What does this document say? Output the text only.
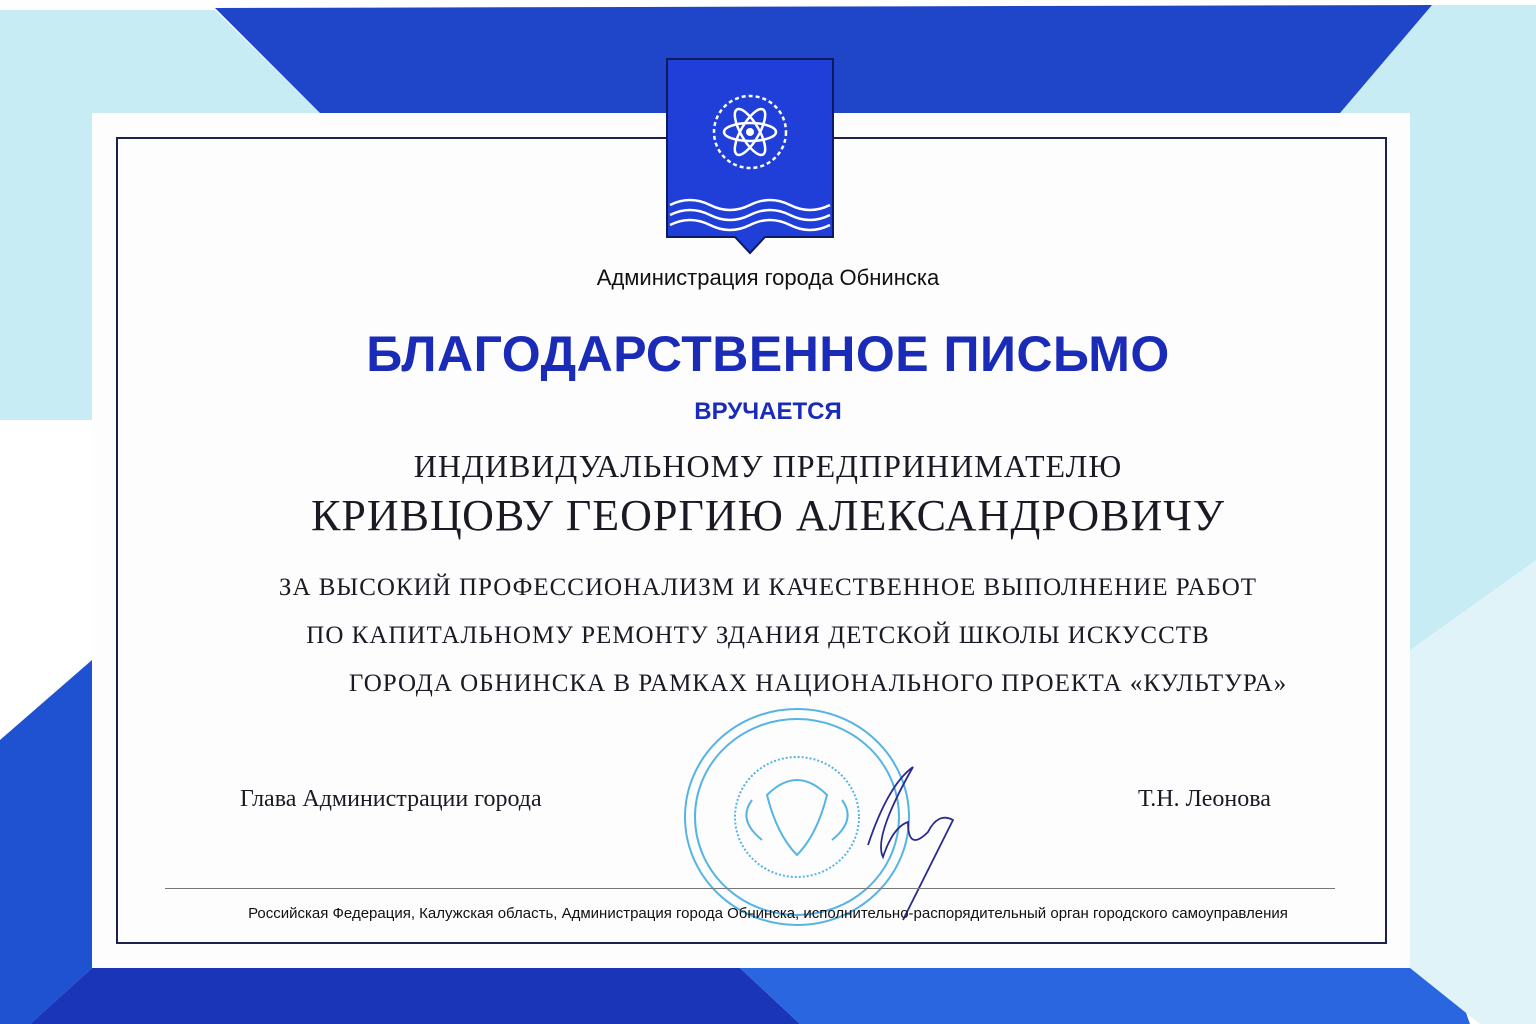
Администрация города Обнинска
БЛАГОДАРСТВЕННОЕ ПИСЬМО
ВРУЧАЕТСЯ
ИНДИВИДУАЛЬНОМУ ПРЕДПРИНИМАТЕЛЮ
КРИВЦОВУ ГЕОРГИЮ АЛЕКСАНДРОВИЧУ
ЗА ВЫСОКИЙ ПРОФЕССИОНАЛИЗМ И КАЧЕСТВЕННОЕ ВЫПОЛНЕНИЕ РАБОТ
ПО КАПИТАЛЬНОМУ РЕМОНТУ ЗДАНИЯ ДЕТСКОЙ ШКОЛЫ ИСКУССТВ
ГОРОДА ОБНИНСКА В РАМКАХ НАЦИОНАЛЬНОГО ПРОЕКТА «КУЛЬТУРА»
Глава Администрации города	Т.Н. Леонова
Российская Федерация, Калужская область, Администрация города Обнинска, исполнительно-распорядительный орган городского самоуправления
